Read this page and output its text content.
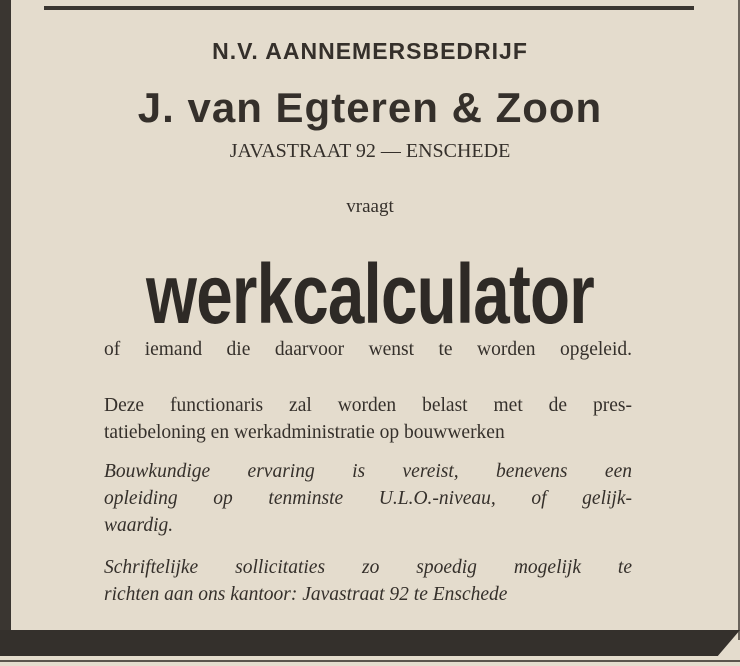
N.V. AANNEMERSBEDRIJF
J. van Egteren & Zoon
JAVASTRAAT 92 — ENSCHEDE
vraagt
werkcalculator
of iemand die daarvoor wenst te worden opgeleid.
Deze functionaris zal worden belast met de pres-
tatiebeloning en werkadministratie op bouwwerken
Bouwkundige ervaring is vereist, benevens een
opleiding op tenminste U.L.O.-niveau, of gelijk-
waardig.
Schriftelijke sollicitaties zo spoedig mogelijk te
richten aan ons kantoor: Javastraat 92 te Enschede
